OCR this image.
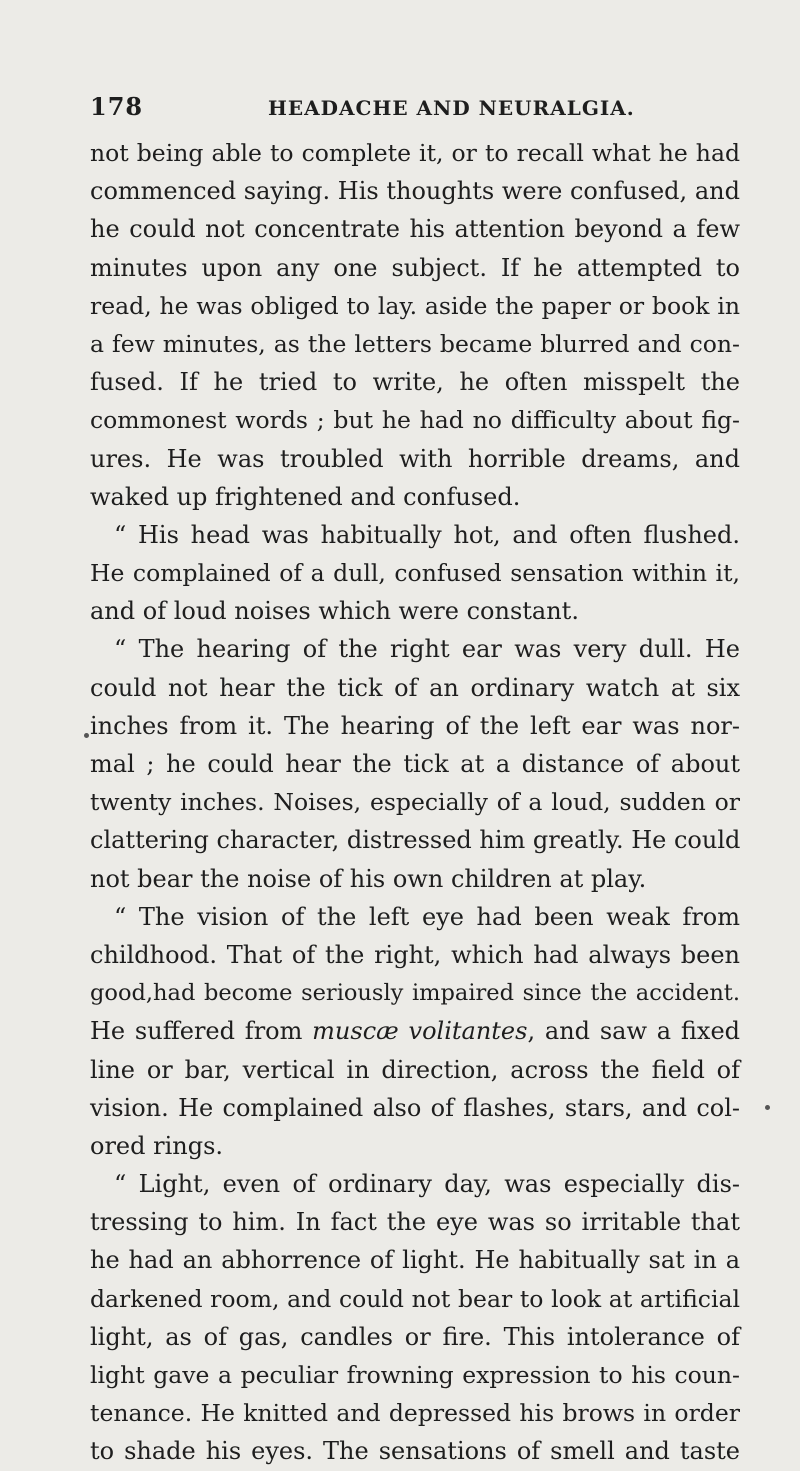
178	HEADACHE AND NEURALGIA.
not being able to complete it, or to recall what he had
commenced saying. His thoughts were confused, and
he could not concentrate his attention beyond a few
minutes upon any one subject. If he attempted to
read, he was obliged to lay. aside the paper or book in
a few minutes, as the letters became blurred and con-
fused. If he tried to write, he often misspelt the
commonest words ; but he had no difficulty about fig-
ures. He was troubled with horrible dreams, and
waked up frightened and confused.
“ His head was habitually hot, and often flushed.
He complained of a dull, confused sensation within it,
and of loud noises which were constant.
“ The hearing of the right ear was very dull. He
could not hear the tick of an ordinary watch at six
inches from it. The hearing of the left ear was nor-
mal ; he could hear the tick at a distance of about
twenty inches. Noises, especially of a loud, sudden or
clattering character, distressed him greatly. He could
not bear the noise of his own children at play.
“ The vision of the left eye had been weak from
childhood. That of the right, which had always been
good,had become seriously impaired since the accident.
He suffered from muscæ volitantes, and saw a fixed
line or bar, vertical in direction, across the field of
vision. He complained also of flashes, stars, and col-
ored rings.
“ Light, even of ordinary day, was especially dis-
tressing to him. In fact the eye was so irritable that
he had an abhorrence of light. He habitually sat in a
darkened room, and could not bear to look at artificial
light, as of gas, candles or fire. This intolerance of
light gave a peculiar frowning expression to his coun-
tenance. He knitted and depressed his brows in order
to shade his eyes. The sensations of smell and taste
